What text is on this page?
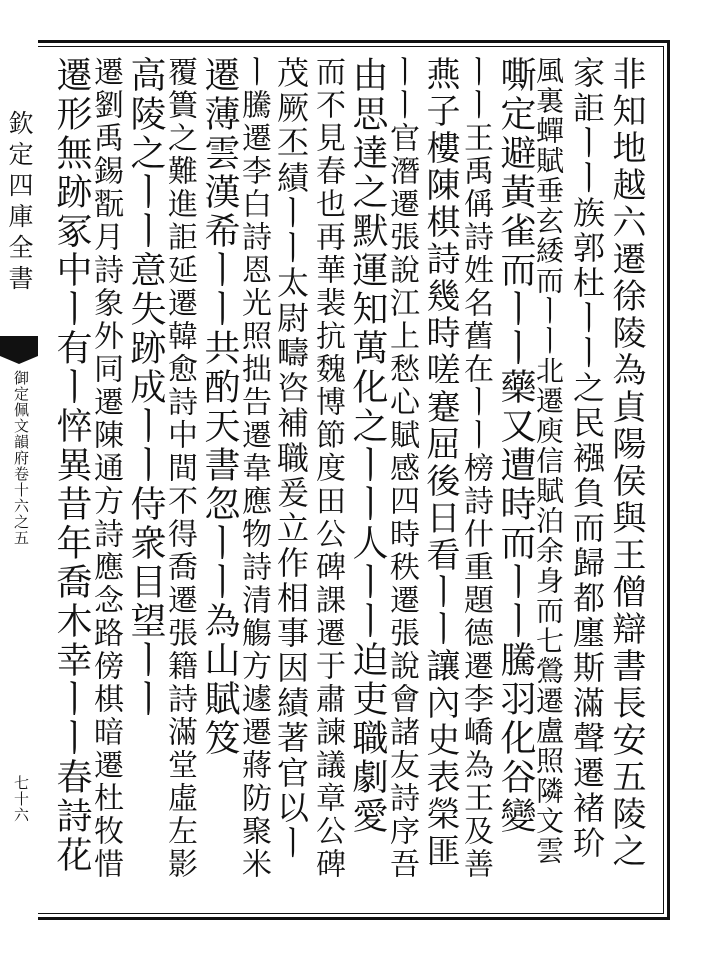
欽定四庫全書
御定佩文韻府卷十六之五
七十六	非知地越六遷徐陵為貞陽侯與王僧辯書長安五陵之
家詎ㅣㅣ族郭杜ㅣㅣ之民襁負而歸都廛斯滿聲遷褚玠
風裏蟬賦垂玄緌而ㅣㅣ北遷庾信賦泊余身而七鶯遷盧照隣文雲
嘶定避黃雀而ㅣㅣ藥又遭時而ㅣㅣ騰羽化谷變
ㅣㅣ王禹偁詩姓名舊在ㅣㅣ榜詩什重題德遷李嶠為王及善
燕子樓陳棋詩幾時嗟蹇屈後日看ㅣㅣ讓內史表榮匪
ㅣㅣ官潛遷張說江上愁心賦感四時秩遷張說會諸友詩序吾
由思達之默運知萬化之ㅣㅣ人ㅣㅣ迫吏職劇愛
而不見春也再華裴抗魏博節度田公碑課遷于肅諫議章公碑
茂厥丕績ㅣㅣ太尉疇咨補職爰立作相事因績著官以ㅣ
ㅣ騰遷李白詩恩光照拙告遷韋應物詩清觴方遽遷蔣防聚米
遷薄雲漢希ㅣㅣ共酌天書忽ㅣㅣ為山賦笈
覆簣之難進詎延遷韓愈詩中間不得喬遷張籍詩滿堂虛左影
高陵之ㅣㅣ意失跡成ㅣㅣ侍衆目望ㅣㅣ
遷劉禹錫翫月詩象外同遷陳通方詩應念路傍棋暗遷杜牧惜
遷形無跡冢中ㅣ有ㅣ悴異昔年喬木幸ㅣㅣ春詩花
